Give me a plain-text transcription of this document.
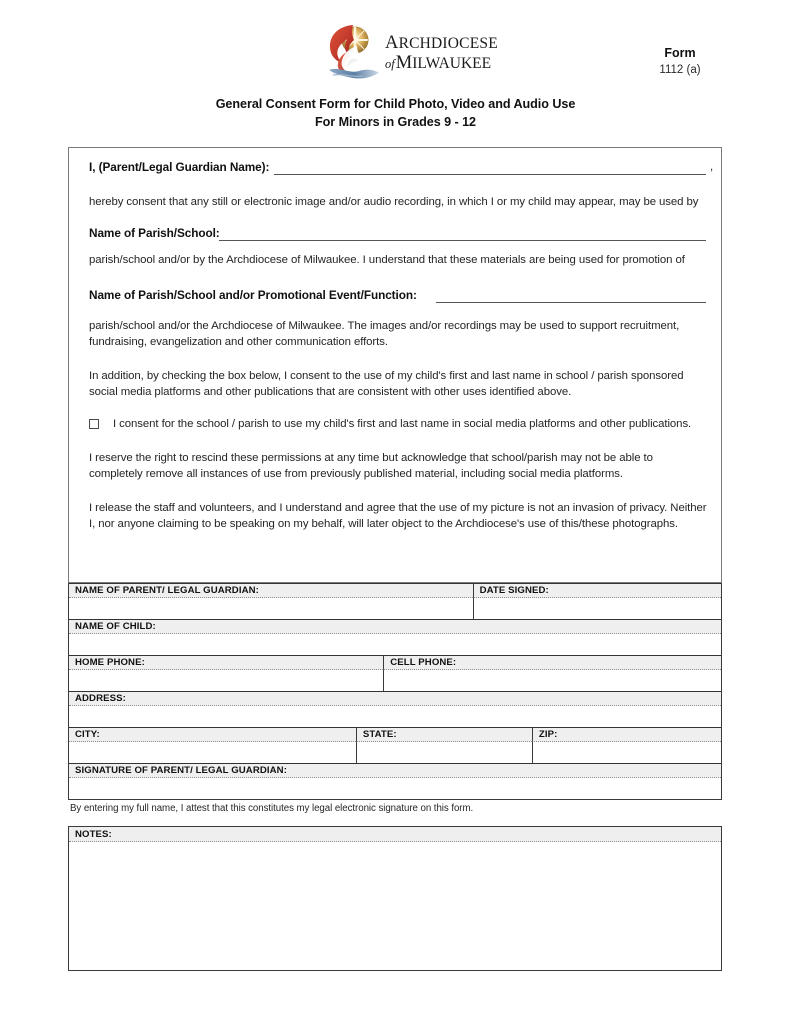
ARCHDIOCESE
ofMILWAUKEE
Form
1112 (a)
General Consent Form for Child Photo, Video and Audio Use
For Minors in Grades 9 - 12
I, (Parent/Legal Guardian Name):	,
hereby consent that any still or electronic image and/or audio recording, in which I or my child may appear, may be used by
Name of Parish/School:
parish/school and/or by the Archdiocese of Milwaukee. I understand that these materials are being used for promotion of
Name of Parish/School and/or Promotional Event/Function:
parish/school and/or the Archdiocese of Milwaukee. The images and/or recordings may be used to support recruitment, fundraising, evangelization and other communication efforts.
In addition, by checking the box below, I consent to the use of my child's first and last name in school / parish sponsored social media platforms and other publications that are consistent with other uses identified above.
I consent for the school / parish to use my child's first and last name in social media platforms and other publications.
I reserve the right to rescind these permissions at any time but acknowledge that school/parish may not be able to completely remove all instances of use from previously published material, including social media platforms.
I release the staff and volunteers, and I understand and agree that the use of my picture is not an invasion of privacy. Neither I, nor anyone claiming to be speaking on my behalf, will later object to the Archdiocese's use of this/these photographs.
NAME OF PARENT/ LEGAL GUARDIAN:	DATE SIGNED:
NAME OF CHILD:
HOME PHONE:	CELL PHONE:
ADDRESS:
CITY:	STATE:	ZIP:
SIGNATURE OF PARENT/ LEGAL GUARDIAN:
By entering my full name, I attest that this constitutes my legal electronic signature on this form.
NOTES:
